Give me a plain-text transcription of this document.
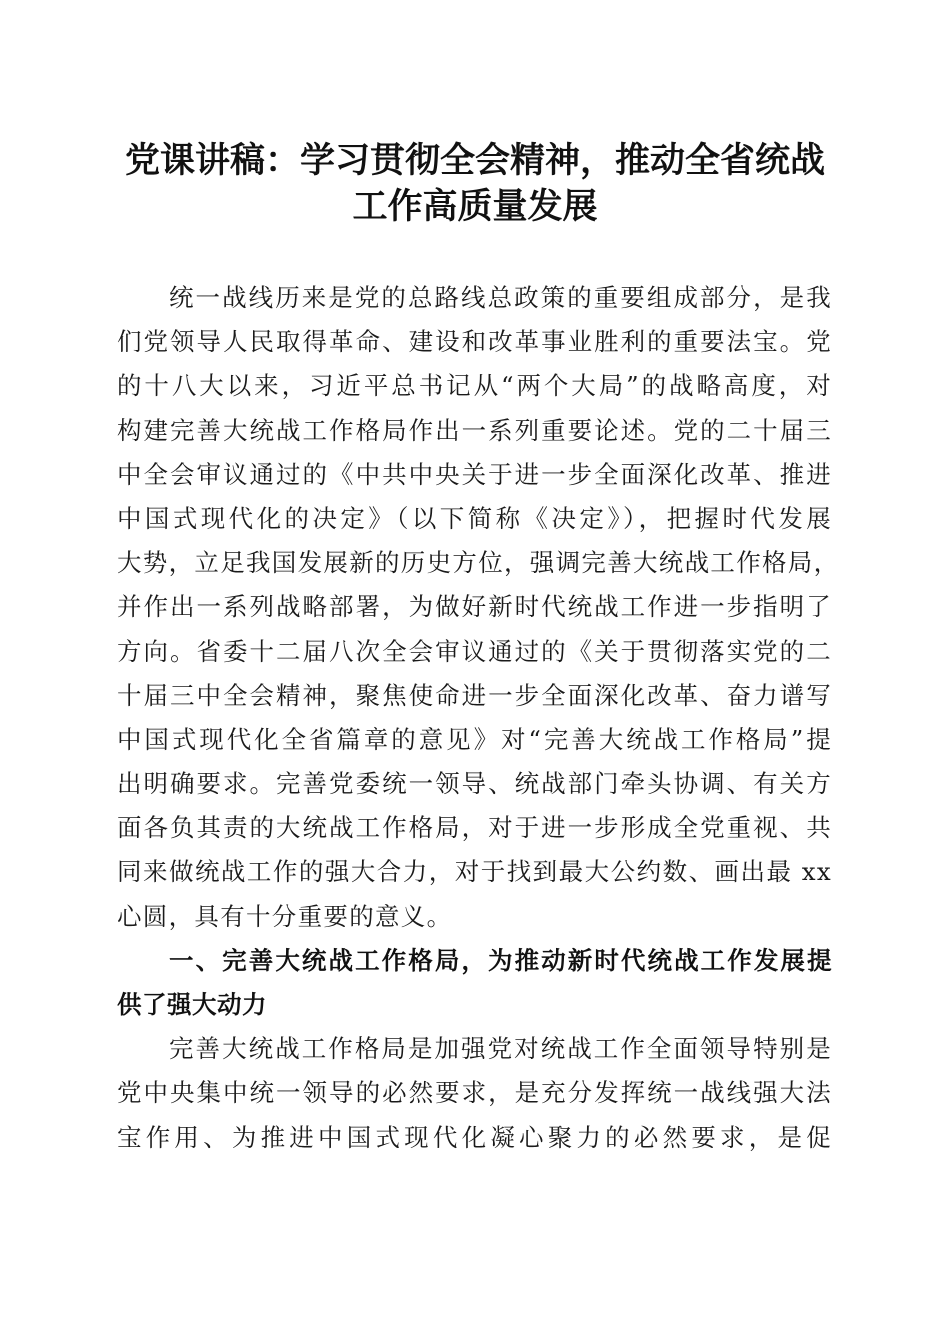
党课讲稿：学习贯彻全会精神，推动全省统战
工作高质量发展
统一战线历来是党的总路线总政策的重要组成部分，是我
们党领导人民取得革命、建设和改革事业胜利的重要法宝。党
的十八大以来，习近平总书记从“两个大局”的战略高度，对
构建完善大统战工作格局作出一系列重要论述。党的二十届三
中全会审议通过的《中共中央关于进一步全面深化改革、推进
中国式现代化的决定》（以下简称《决定》），把握时代发展
大势，立足我国发展新的历史方位，强调完善大统战工作格局，
并作出一系列战略部署，为做好新时代统战工作进一步指明了
方向。省委十二届八次全会审议通过的《关于贯彻落实党的二
十届三中全会精神，聚焦使命进一步全面深化改革、奋力谱写
中国式现代化全省篇章的意见》对“完善大统战工作格局”提
出明确要求。完善党委统一领导、统战部门牵头协调、有关方
面各负其责的大统战工作格局，对于进一步形成全党重视、共
同来做统战工作的强大合力，对于找到最大公约数、画出最 xx
心圆，具有十分重要的意义。
一、完善大统战工作格局，为推动新时代统战工作发展提
供了强大动力
完善大统战工作格局是加强党对统战工作全面领导特别是
党中央集中统一领导的必然要求，是充分发挥统一战线强大法
宝作用、为推进中国式现代化凝心聚力的必然要求，是促
